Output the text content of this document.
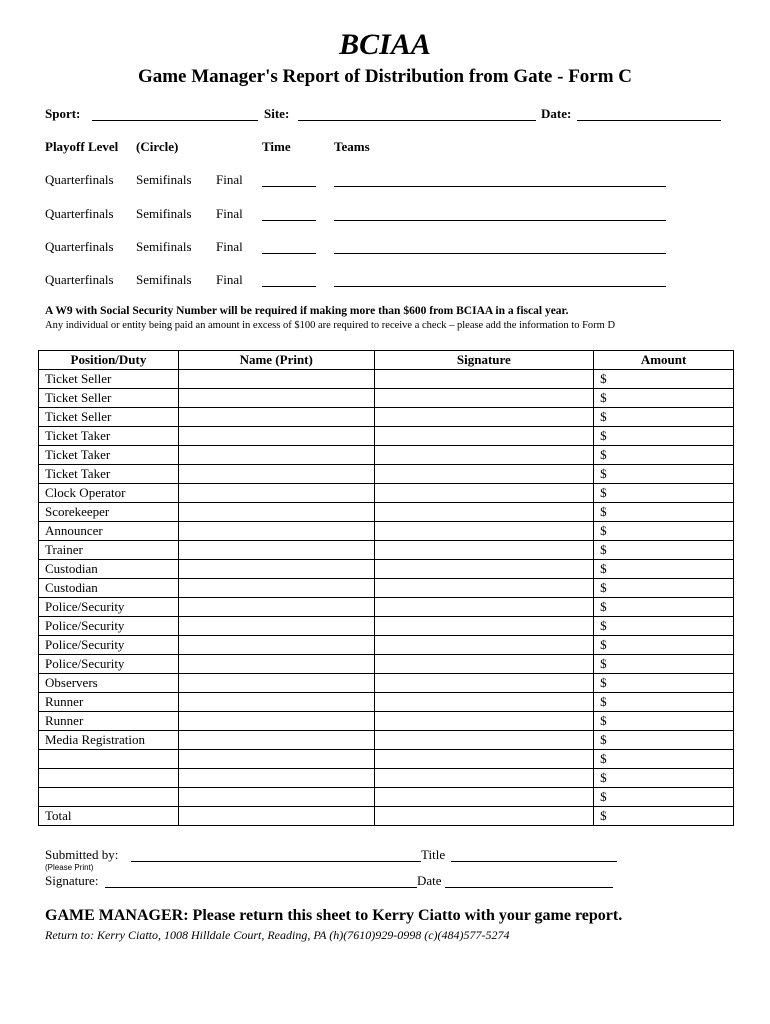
BCIAA
Game Manager's Report of Distribution from Gate - Form C
Sport:	Site:	Date:
Playoff Level (Circle)	Time	Teams
Quarterfinals Semifinals Final
Quarterfinals Semifinals Final
Quarterfinals Semifinals Final
Quarterfinals Semifinals Final
A W9 with Social Security Number will be required if making more than $600 from BCIAA in a fiscal year.
Any individual or entity being paid an amount in excess of $100 are required to receive a check – please add the information to Form D
Position/Duty	Name (Print)	Signature	Amount
Ticket Seller			$
Ticket Seller			$
Ticket Seller			$
Ticket Taker			$
Ticket Taker			$
Ticket Taker			$
Clock Operator			$
Scorekeeper			$
Announcer			$
Trainer			$
Custodian			$
Custodian			$
Police/Security			$
Police/Security			$
Police/Security			$
Police/Security			$
Observers			$
Runner			$
Runner			$
Media Registration			$
			$
			$
			$
Total			$
Submitted by:	Title
(Please Print)
Signature:	Date
GAME MANAGER: Please return this sheet to Kerry Ciatto with your game report.
Return to: Kerry Ciatto, 1008 Hilldale Court, Reading, PA (h)(7610)929-0998 (c)(484)577-5274
